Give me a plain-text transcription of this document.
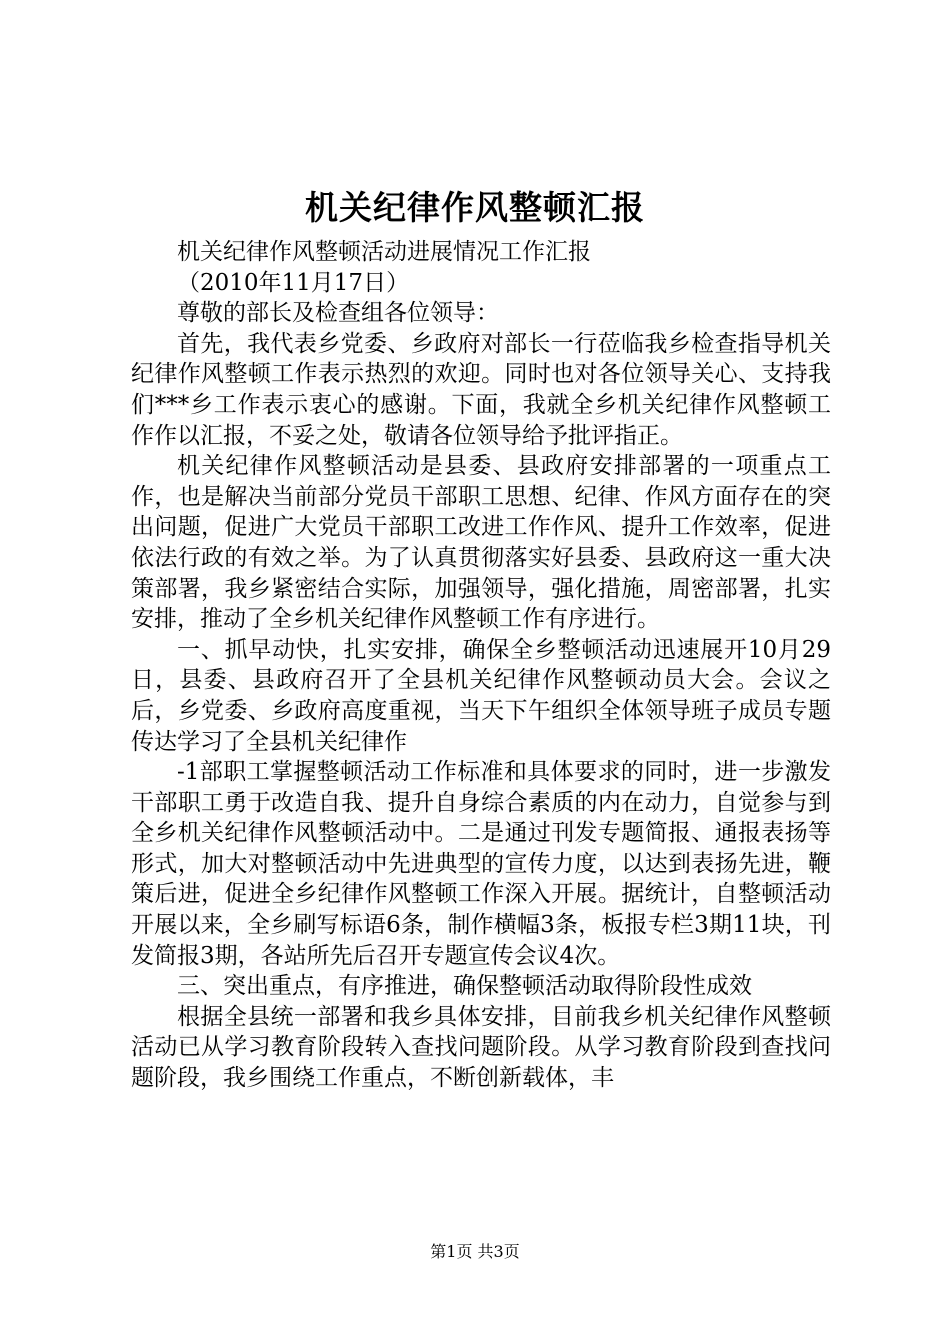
机关纪律作风整顿汇报

机关纪律作风整顿活动进展情况工作汇报

（2010年11月17日）

尊敬的部长及检查组各位领导：

首先，我代表乡党委、乡政府对部长一行莅临我乡检查指导机关纪律作风整顿工作表示热烈的欢迎。同时也对各位领导关心、支持我们***乡工作表示衷心的感谢。下面，我就全乡机关纪律作风整顿工作作以汇报，不妥之处，敬请各位领导给予批评指正。

机关纪律作风整顿活动是县委、县政府安排部署的一项重点工作，也是解决当前部分党员干部职工思想、纪律、作风方面存在的突出问题，促进广大党员干部职工改进工作作风、提升工作效率，促进依法行政的有效之举。为了认真贯彻落实好县委、县政府这一重大决策部署，我乡紧密结合实际，加强领导，强化措施，周密部署，扎实安排，推动了全乡机关纪律作风整顿工作有序进行。

一、抓早动快，扎实安排，确保全乡整顿活动迅速展开10月29日，县委、县政府召开了全县机关纪律作风整顿动员大会。会议之后，乡党委、乡政府高度重视，当天下午组织全体领导班子成员专题传达学习了全县机关纪律作

-1部职工掌握整顿活动工作标准和具体要求的同时，进一步激发干部职工勇于改造自我、提升自身综合素质的内在动力，自觉参与到全乡机关纪律作风整顿活动中。二是通过刊发专题简报、通报表扬等形式，加大对整顿活动中先进典型的宣传力度，以达到表扬先进，鞭策后进，促进全乡纪律作风整顿工作深入开展。据统计，自整顿活动开展以来，全乡刷写标语6条，制作横幅3条，板报专栏3期11块，刊发简报3期，各站所先后召开专题宣传会议4次。

三、突出重点，有序推进，确保整顿活动取得阶段性成效

根据全县统一部署和我乡具体安排，目前我乡机关纪律作风整顿活动已从学习教育阶段转入查找问题阶段。从学习教育阶段到查找问题阶段，我乡围绕工作重点，不断创新载体，丰

第1页 共3页
